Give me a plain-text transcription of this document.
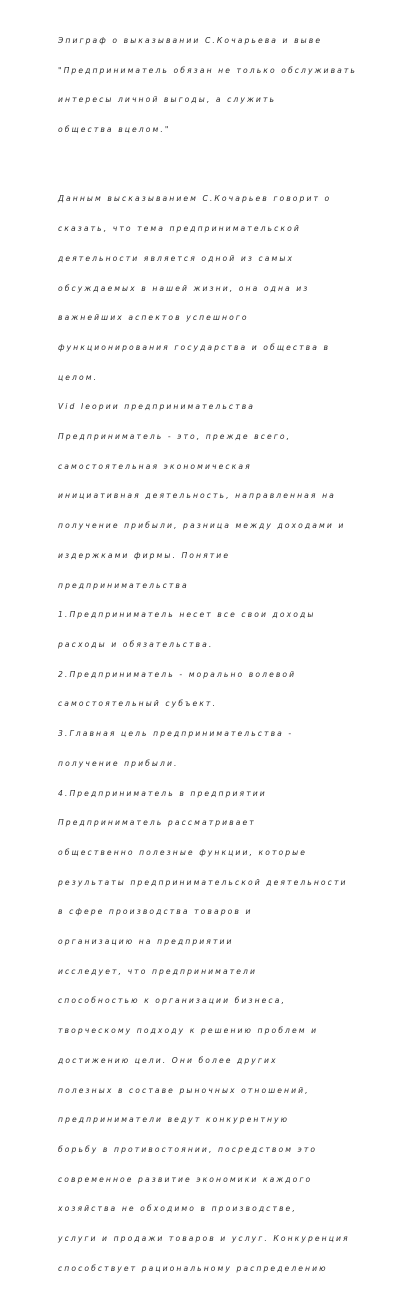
Эпиграф о выказывании С.Кочарьева и выве

"Предприниматель обязан не только обслуживать

интересы личной выгоды, а служить

общества вцелом."

Данным высказыванием С.Кочарьев говорит о

сказать, что тема предпринимательской

деятельности является одной из самых

обсуждаемых в нашей жизни, она одна из

важнейших аспектов успешного

функционирования государства и общества в

целом.

Vid Iеории предпринимательства

Предприниматель - это, прежде всего,

самостоятельная экономическая

инициативная деятельность, направленная на

получение прибыли, разница между доходами и

издержками фирмы. Понятие

предпринимательства

1.Предприниматель несет все свои доходы

расходы и обязательства.

2.Предприниматель - морально волевой

самостоятельный субъект.

3.Главная цель предпринимательства -

получение прибыли.

4.Предприниматель в предприятии

Предприниматель рассматривает

общественно полезные функции, которые

результаты предпринимательской деятельности

в сфере производства товаров и

организацию на предприятии

исследует, что предприниматели

способностью к организации бизнеса,

творческому подходу к решению проблем и

достижению цели. Они более других

полезных в составе рыночных отношений,

предприниматели ведут конкурентную

борьбу в противостоянии, посредством это

современное развитие экономики каждого

хозяйства не обходимо в производстве,

услуги и продажи товаров и услуг. Конкуренция

способствует рациональному распределению
